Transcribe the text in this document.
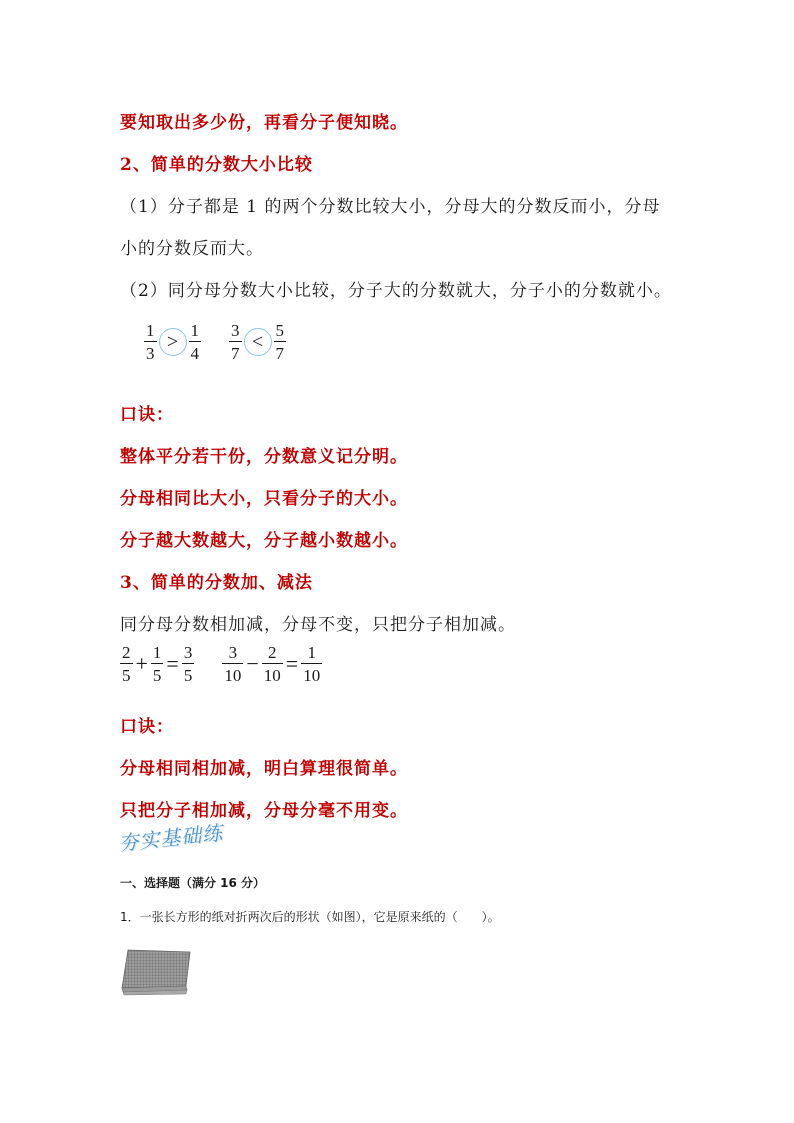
要知取出多少份，再看分子便知晓。
2、简单的分数大小比较
（1）分子都是 1 的两个分数比较大小，分母大的分数反而小，分母
小的分数反而大。
（2）同分母分数大小比较，分子大的分数就大，分子小的分数就小。
$\frac{1}{3} > \frac{1}{4} \frac{3}{7} < \frac{5}{7}$
口诀：
整体平分若干份，分数意义记分明。
分母相同比大小，只看分子的大小。
分子越大数越大，分子越小数越小。
3、简单的分数加、减法
同分母分数相加减，分母不变，只把分子相加减。
$\frac{2}{5} + \frac{1}{5} = \frac{3}{5} \frac{3}{10} - \frac{2}{10} = \frac{1}{10}$
口诀：
分母相同相加减，明白算理很简单。
只把分子相加减，分母分毫不用变。
夯实基础练
一、选择题（满分 16 分）
1．一张长方形的纸对折两次后的形状（如图），它是原来纸的（　　）。
